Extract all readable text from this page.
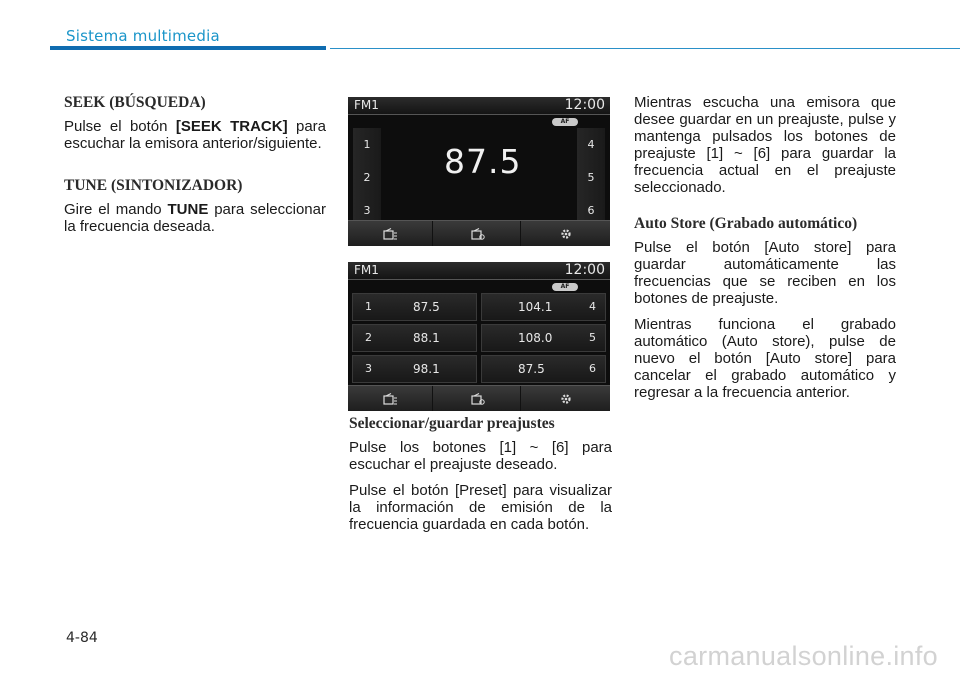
Sistema multimedia
SEEK (BÚSQUEDA)

Pulse el botón [SEEK TRACK] para escuchar la emisora anterior/siguiente.

TUNE (SINTONIZADOR)

Gire el mando TUNE para seleccionar la frecuencia deseada.

FM1	12:00
AF
1
2
3
4
5
6
87.5
FM1	12:00
AF
1	87.5	104.1	4
2	88.1	108.0	5
3	98.1	87.5	6
Seleccionar/guardar preajustes

Pulse los botones [1] ~ [6] para escuchar el preajuste deseado.

Pulse el botón [Preset] para visualizar la información de emisión de la frecuencia guardada en cada botón.

Mientras escucha una emisora que desee guardar en un preajuste, pulse y mantenga pulsados los botones de preajuste [1] ~ [6] para guardar la frecuencia actual en el preajuste seleccionado.

Auto Store (Grabado automático)

Pulse el botón [Auto store] para guardar automáticamente las frecuencias que se reciben en los botones de preajuste.

Mientras funciona el grabado automático (Auto store), pulse de nuevo el botón [Auto store] para cancelar el grabado automático y regresar a la frecuencia anterior.

4-84
carmanualsonline.info
